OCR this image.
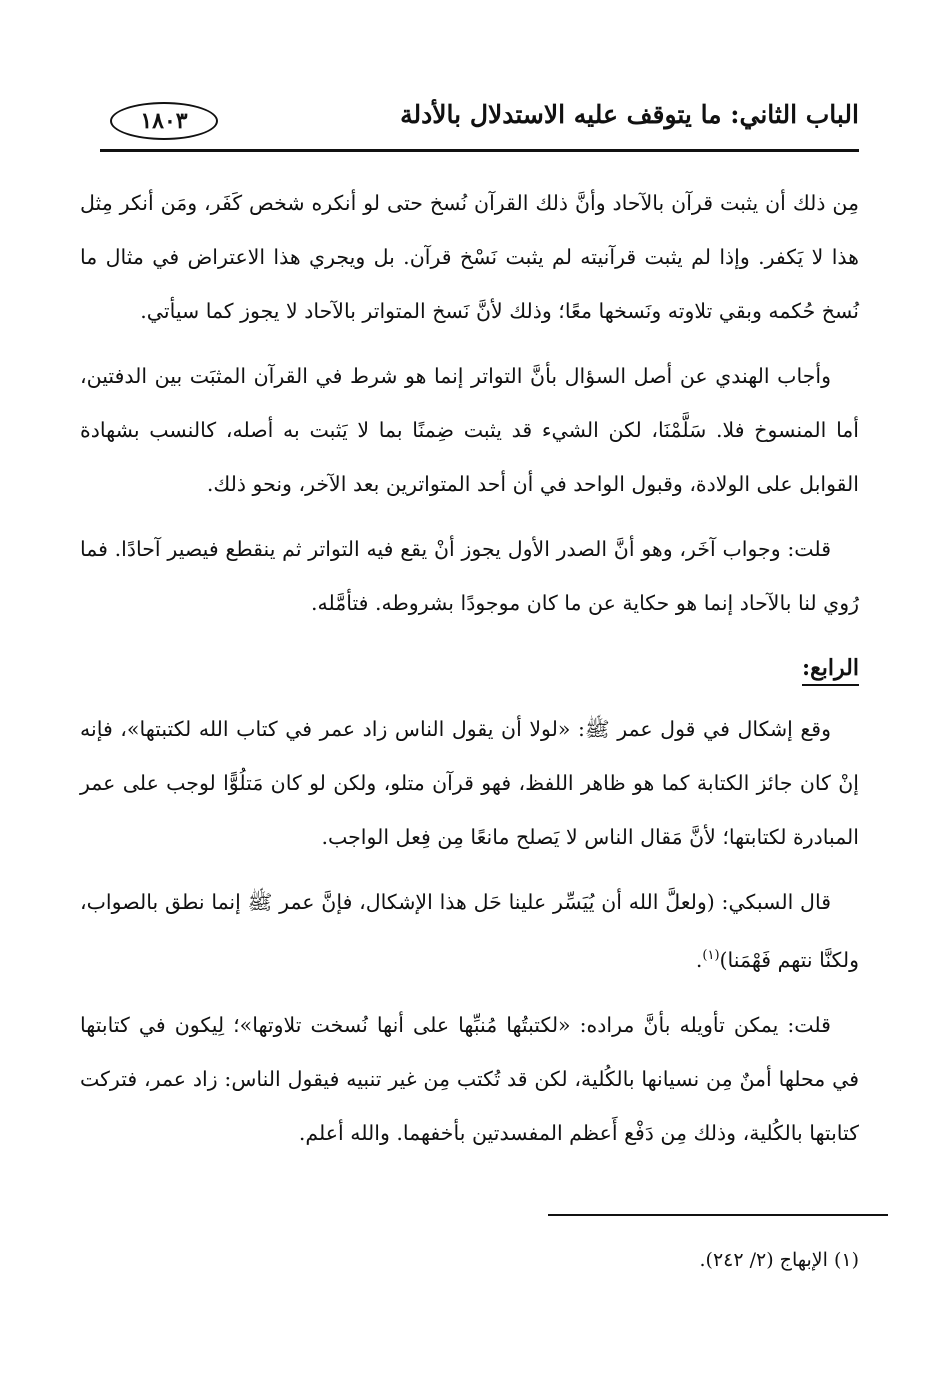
الباب الثاني: ما يتوقف عليه الاستدلال بالأدلة
١٨٠٣

مِن ذلك أن يثبت قرآن بالآحاد وأنَّ ذلك القرآن نُسخ حتى لو أنكره شخص كَفَر، ومَن أنكر مِثل هذا لا يَكفر. وإذا لم يثبت قرآنيته لم يثبت نَسْخ قرآن. بل ويجري هذا الاعتراض في مثال ما نُسخ حُكمه وبقي تلاوته ونَسخها معًا؛ وذلك لأنَّ نَسخ المتواتر بالآحاد لا يجوز كما سيأتي.

وأجاب الهندي عن أصل السؤال بأنَّ التواتر إنما هو شرط في القرآن المثبَت بين الدفتين، أما المنسوخ فلا. سَلَّمْنَا، لكن الشيء قد يثبت ضِمنًا بما لا يَثبت به أصله، كالنسب بشهادة القوابل على الولادة، وقبول الواحد في أن أحد المتواترين بعد الآخر، ونحو ذلك.

قلت: وجواب آخَر، وهو أنَّ الصدر الأول يجوز أنْ يقع فيه التواتر ثم ينقطع فيصير آحادًا. فما رُوي لنا بالآحاد إنما هو حكاية عن ما كان موجودًا بشروطه. فتأمَّله.

الرابع:

وقع إشكال في قول عمر ﷺ: «لولا أن يقول الناس زاد عمر في كتاب الله لكتبتها»، فإنه إنْ كان جائز الكتابة كما هو ظاهر اللفظ، فهو قرآن متلو، ولكن لو كان مَتلُوًّا لوجب على عمر المبادرة لكتابتها؛ لأنَّ مَقال الناس لا يَصلح مانعًا مِن فِعل الواجب.

قال السبكي: (ولعلَّ الله أن يُيَسِّر علينا حَل هذا الإشكال، فإنَّ عمر ﷺ إنما نطق بالصواب، ولكنَّا نتهم فَهْمَنا)$^{(١)}$.

قلت: يمكن تأويله بأنَّ مراده: «لكتبتُها مُنبِّها على أنها نُسخت تلاوتها»؛ لِيكون في كتابتها في محلها أمنٌ مِن نسيانها بالكُلية، لكن قد تُكتب مِن غير تنبيه فيقول الناس: زاد عمر، فتركت كتابتها بالكُلية، وذلك مِن دَفْع أَعظم المفسدتين بأخفهما. والله أعلم.

(١) الإبهاج (٢/ ٢٤٢).
